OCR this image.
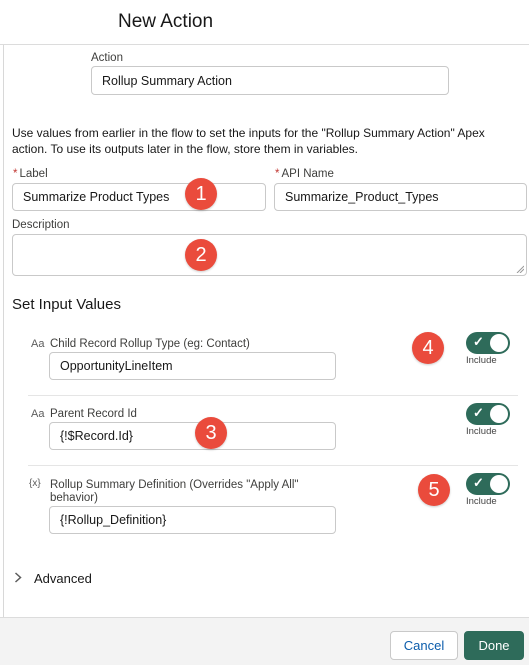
New Action
Action
Rollup Summary Action
Use values from earlier in the flow to set the inputs for the "Rollup Summary Action" Apex action. To use its outputs later in the flow, store them in variables.
* Label
Summarize Product Types
* API Name
Summarize_Product_Types
Description
Set Input Values
Aa Child Record Rollup Type (eg: Contact)
OpportunityLineItem
✓
Include
Aa Parent Record Id
{!$Record.Id}
✓
Include
{x} Rollup Summary Definition (Overrides "Apply All" behavior)
{!Rollup_Definition}
✓
Include
1
2
3
4
5
Advanced
Cancel	Done
